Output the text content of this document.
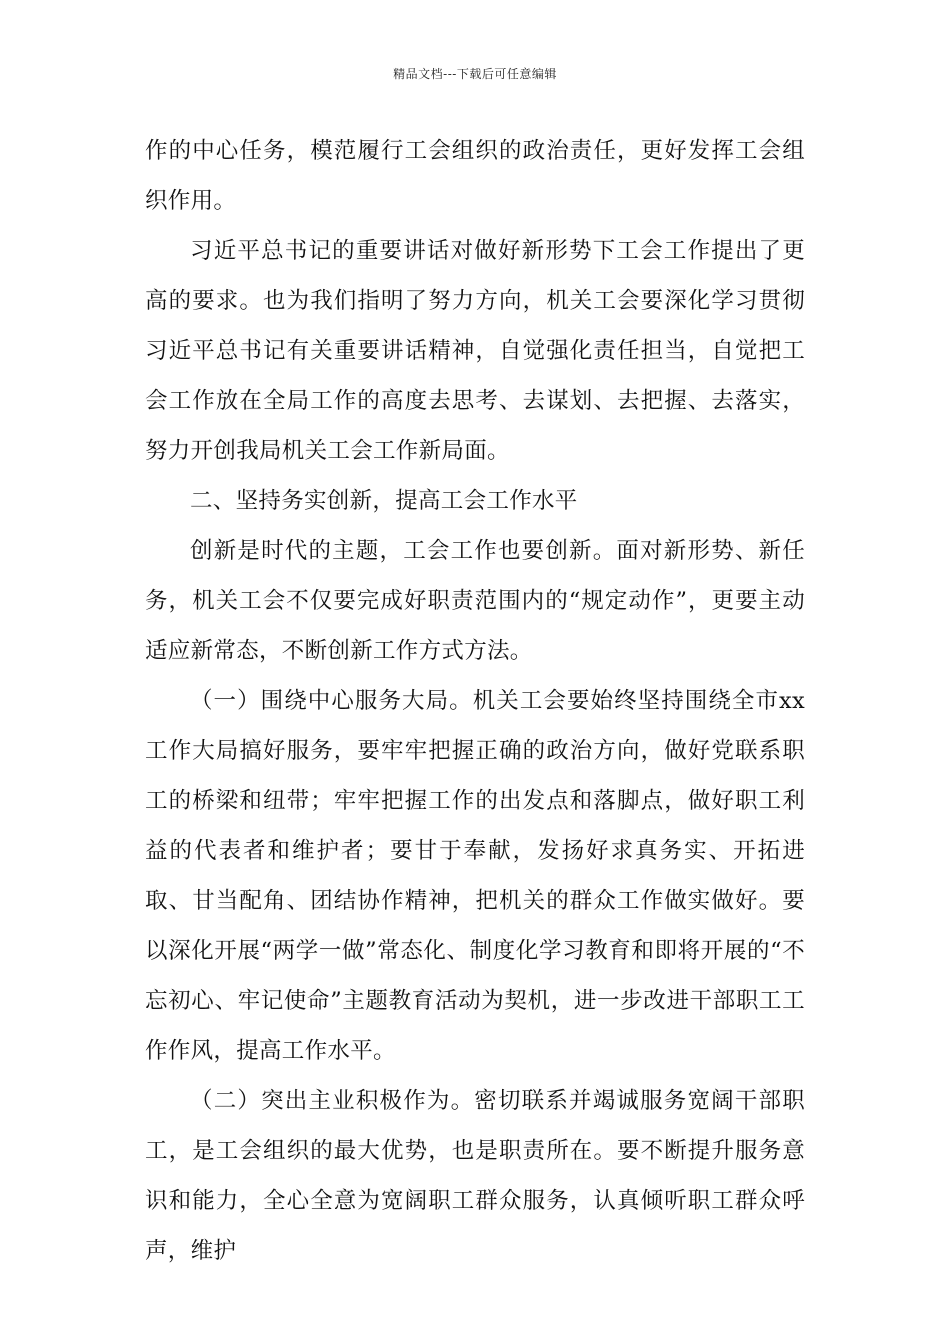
精品文档---下载后可任意编辑

作的中心任务，模范履行工会组织的政治责任，更好发挥工会组织作用。

习近平总书记的重要讲话对做好新形势下工会工作提出了更高的要求。也为我们指明了努力方向，机关工会要深化学习贯彻习近平总书记有关重要讲话精神，自觉强化责任担当，自觉把工会工作放在全局工作的高度去思考、去谋划、去把握、去落实，努力开创我局机关工会工作新局面。

二、坚持务实创新，提高工会工作水平

创新是时代的主题，工会工作也要创新。面对新形势、新任务，机关工会不仅要完成好职责范围内的“规定动作”，更要主动适应新常态，不断创新工作方式方法。

（一）围绕中心服务大局。机关工会要始终坚持围绕全市xx工作大局搞好服务，要牢牢把握正确的政治方向，做好党联系职工的桥梁和纽带；牢牢把握工作的出发点和落脚点，做好职工利益的代表者和维护者；要甘于奉献，发扬好求真务实、开拓进取、甘当配角、团结协作精神，把机关的群众工作做实做好。要以深化开展“两学一做”常态化、制度化学习教育和即将开展的“不忘初心、牢记使命”主题教育活动为契机，进一步改进干部职工工作作风，提高工作水平。

（二）突出主业积极作为。密切联系并竭诚服务宽阔干部职工，是工会组织的最大优势，也是职责所在。要不断提升服务意识和能力，全心全意为宽阔职工群众服务，认真倾听职工群众呼声，维护
